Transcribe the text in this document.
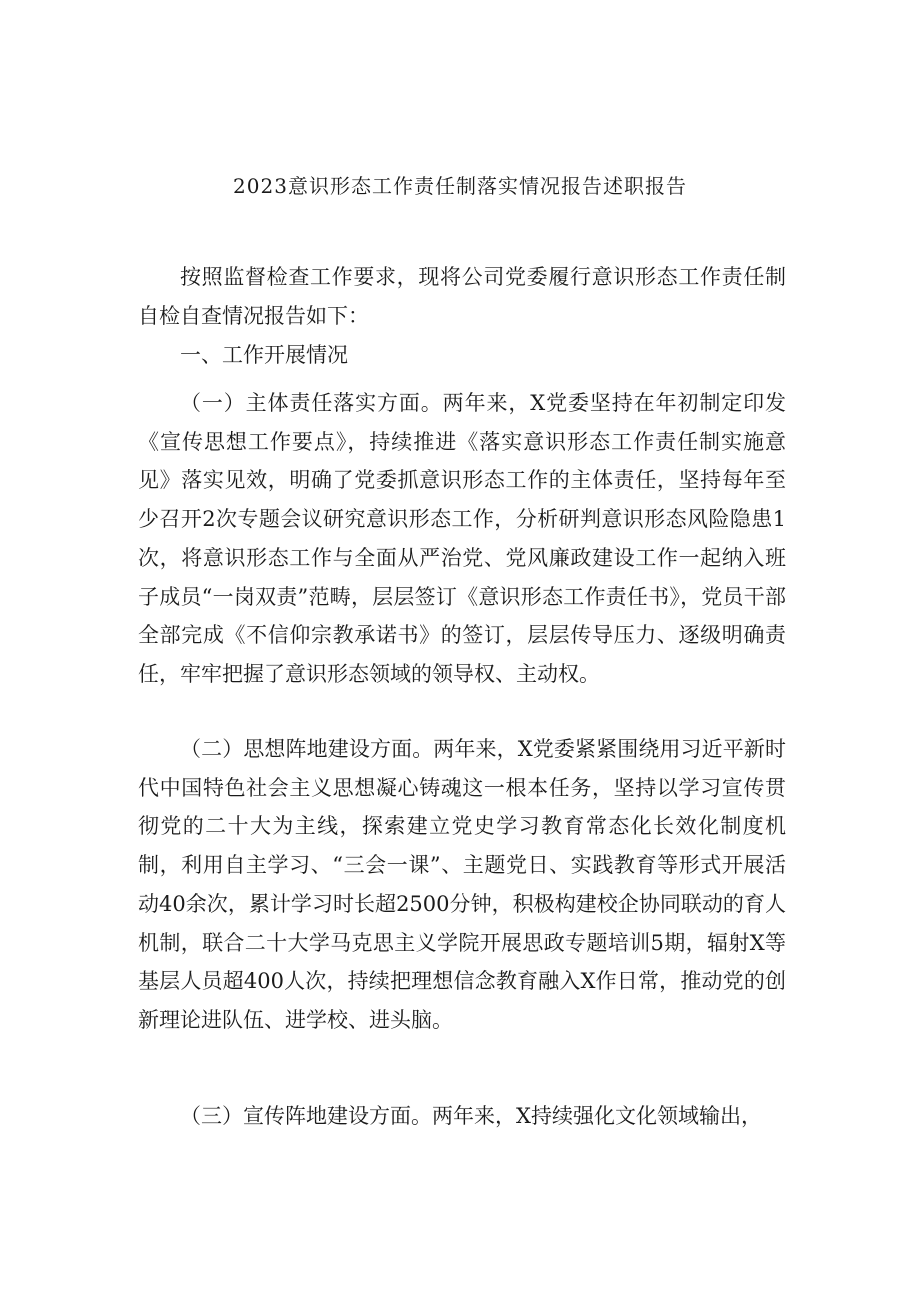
2023意识形态工作责任制落实情况报告述职报告

按照监督检查工作要求，现将公司党委履行意识形态工作责任制自检自查情况报告如下：

一、工作开展情况

（一）主体责任落实方面。两年来，X党委坚持在年初制定印发《宣传思想工作要点》，持续推进《落实意识形态工作责任制实施意见》落实见效，明确了党委抓意识形态工作的主体责任，坚持每年至少召开2次专题会议研究意识形态工作，分析研判意识形态风险隐患1次，将意识形态工作与全面从严治党、党风廉政建设工作一起纳入班子成员“一岗双责”范畴，层层签订《意识形态工作责任书》，党员干部全部完成《不信仰宗教承诺书》的签订，层层传导压力、逐级明确责任，牢牢把握了意识形态领域的领导权、主动权。

（二）思想阵地建设方面。两年来，X党委紧紧围绕用习近平新时代中国特色社会主义思想凝心铸魂这一根本任务，坚持以学习宣传贯彻党的二十大为主线，探索建立党史学习教育常态化长效化制度机制，利用自主学习、“三会一课”、主题党日、实践教育等形式开展活动40余次，累计学习时长超2500分钟，积极构建校企协同联动的育人机制，联合二十大学马克思主义学院开展思政专题培训5期，辐射X等基层人员超400人次，持续把理想信念教育融入X作日常，推动党的创新理论进队伍、进学校、进头脑。

（三）宣传阵地建设方面。两年来，X持续强化文化领域输出，
